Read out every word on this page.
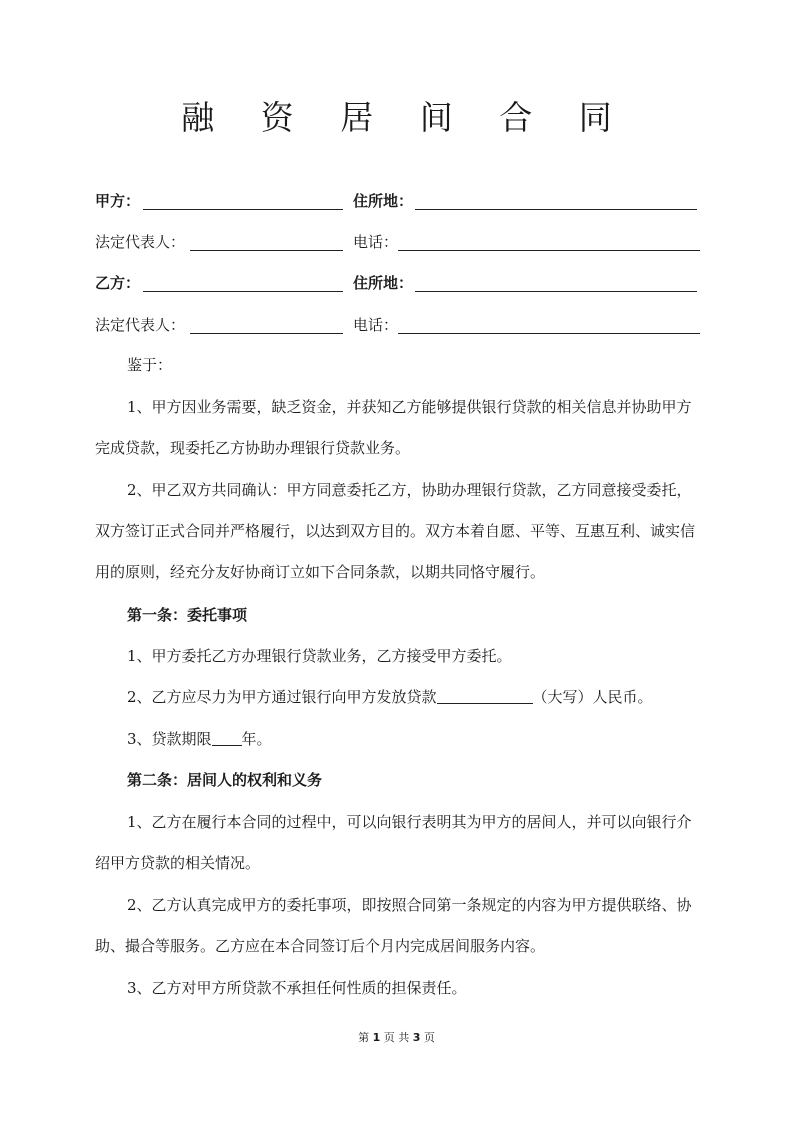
融 资 居 间 合 同
甲方：	住所地：
法定代表人：	电话：
乙方：	住所地：
法定代表人：	电话：

鉴于：

1、甲方因业务需要，缺乏资金，并获知乙方能够提供银行贷款的相关信息并协助甲方完成贷款，现委托乙方协助办理银行贷款业务。

2、甲乙双方共同确认：甲方同意委托乙方，协助办理银行贷款，乙方同意接受委托，双方签订正式合同并严格履行，以达到双方目的。双方本着自愿、平等、互惠互利、诚实信用的原则，经充分友好协商订立如下合同条款，以期共同恪守履行。

第一条：委托事项

1、甲方委托乙方办理银行贷款业务，乙方接受甲方委托。

2、乙方应尽力为甲方通过银行向甲方发放贷款	（大写）人民币。

3、贷款期限 年。

第二条：居间人的权利和义务

1、乙方在履行本合同的过程中，可以向银行表明其为甲方的居间人，并可以向银行介绍甲方贷款的相关情况。

2、乙方认真完成甲方的委托事项，即按照合同第一条规定的内容为甲方提供联络、协助、撮合等服务。乙方应在本合同签订后个月内完成居间服务内容。

3、乙方对甲方所贷款不承担任何性质的担保责任。

第 1 页 共 3 页
